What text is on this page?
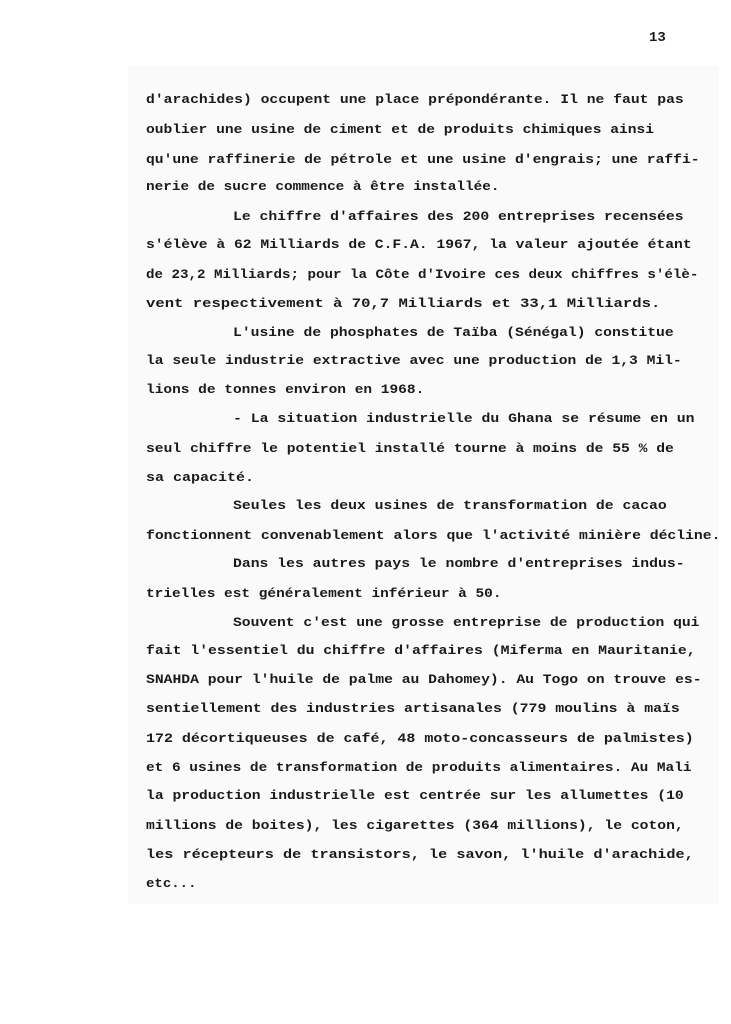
13
d'arachides) occupent une place prépondérante. Il ne faut pas
oublier une usine de ciment et de produits chimiques ainsi
qu'une raffinerie de pétrole et une usine d'engrais; une raffi-
nerie de sucre commence à être installée.
Le chiffre d'affaires des 200 entreprises recensées
s'élève à 62 Milliards de C.F.A. 1967, la valeur ajoutée étant
de 23,2 Milliards; pour la Côte d'Ivoire ces deux chiffres s'élè-
vent respectivement à 70,7 Milliards et 33,1 Milliards.
L'usine de phosphates de Taïba (Sénégal) constitue
la seule industrie extractive avec une production de 1,3 Mil-
lions de tonnes environ en 1968.
- La situation industrielle du Ghana se résume en un
seul chiffre le potentiel installé tourne à moins de 55 % de
sa capacité.
Seules les deux usines de transformation de cacao
fonctionnent convenablement alors que l'activité minière décline.
Dans les autres pays le nombre d'entreprises indus-
trielles est généralement inférieur à 50.
Souvent c'est une grosse entreprise de production qui
fait l'essentiel du chiffre d'affaires (Miferma en Mauritanie,
SNAHDA pour l'huile de palme au Dahomey). Au Togo on trouve es-
sentiellement des industries artisanales (779 moulins à maïs
172 décortiqueuses de café, 48 moto-concasseurs de palmistes)
et 6 usines de transformation de produits alimentaires. Au Mali
la production industrielle est centrée sur les allumettes (10
millions de boites), les cigarettes (364 millions), le coton,
les récepteurs de transistors, le savon, l'huile d'arachide,
etc...
